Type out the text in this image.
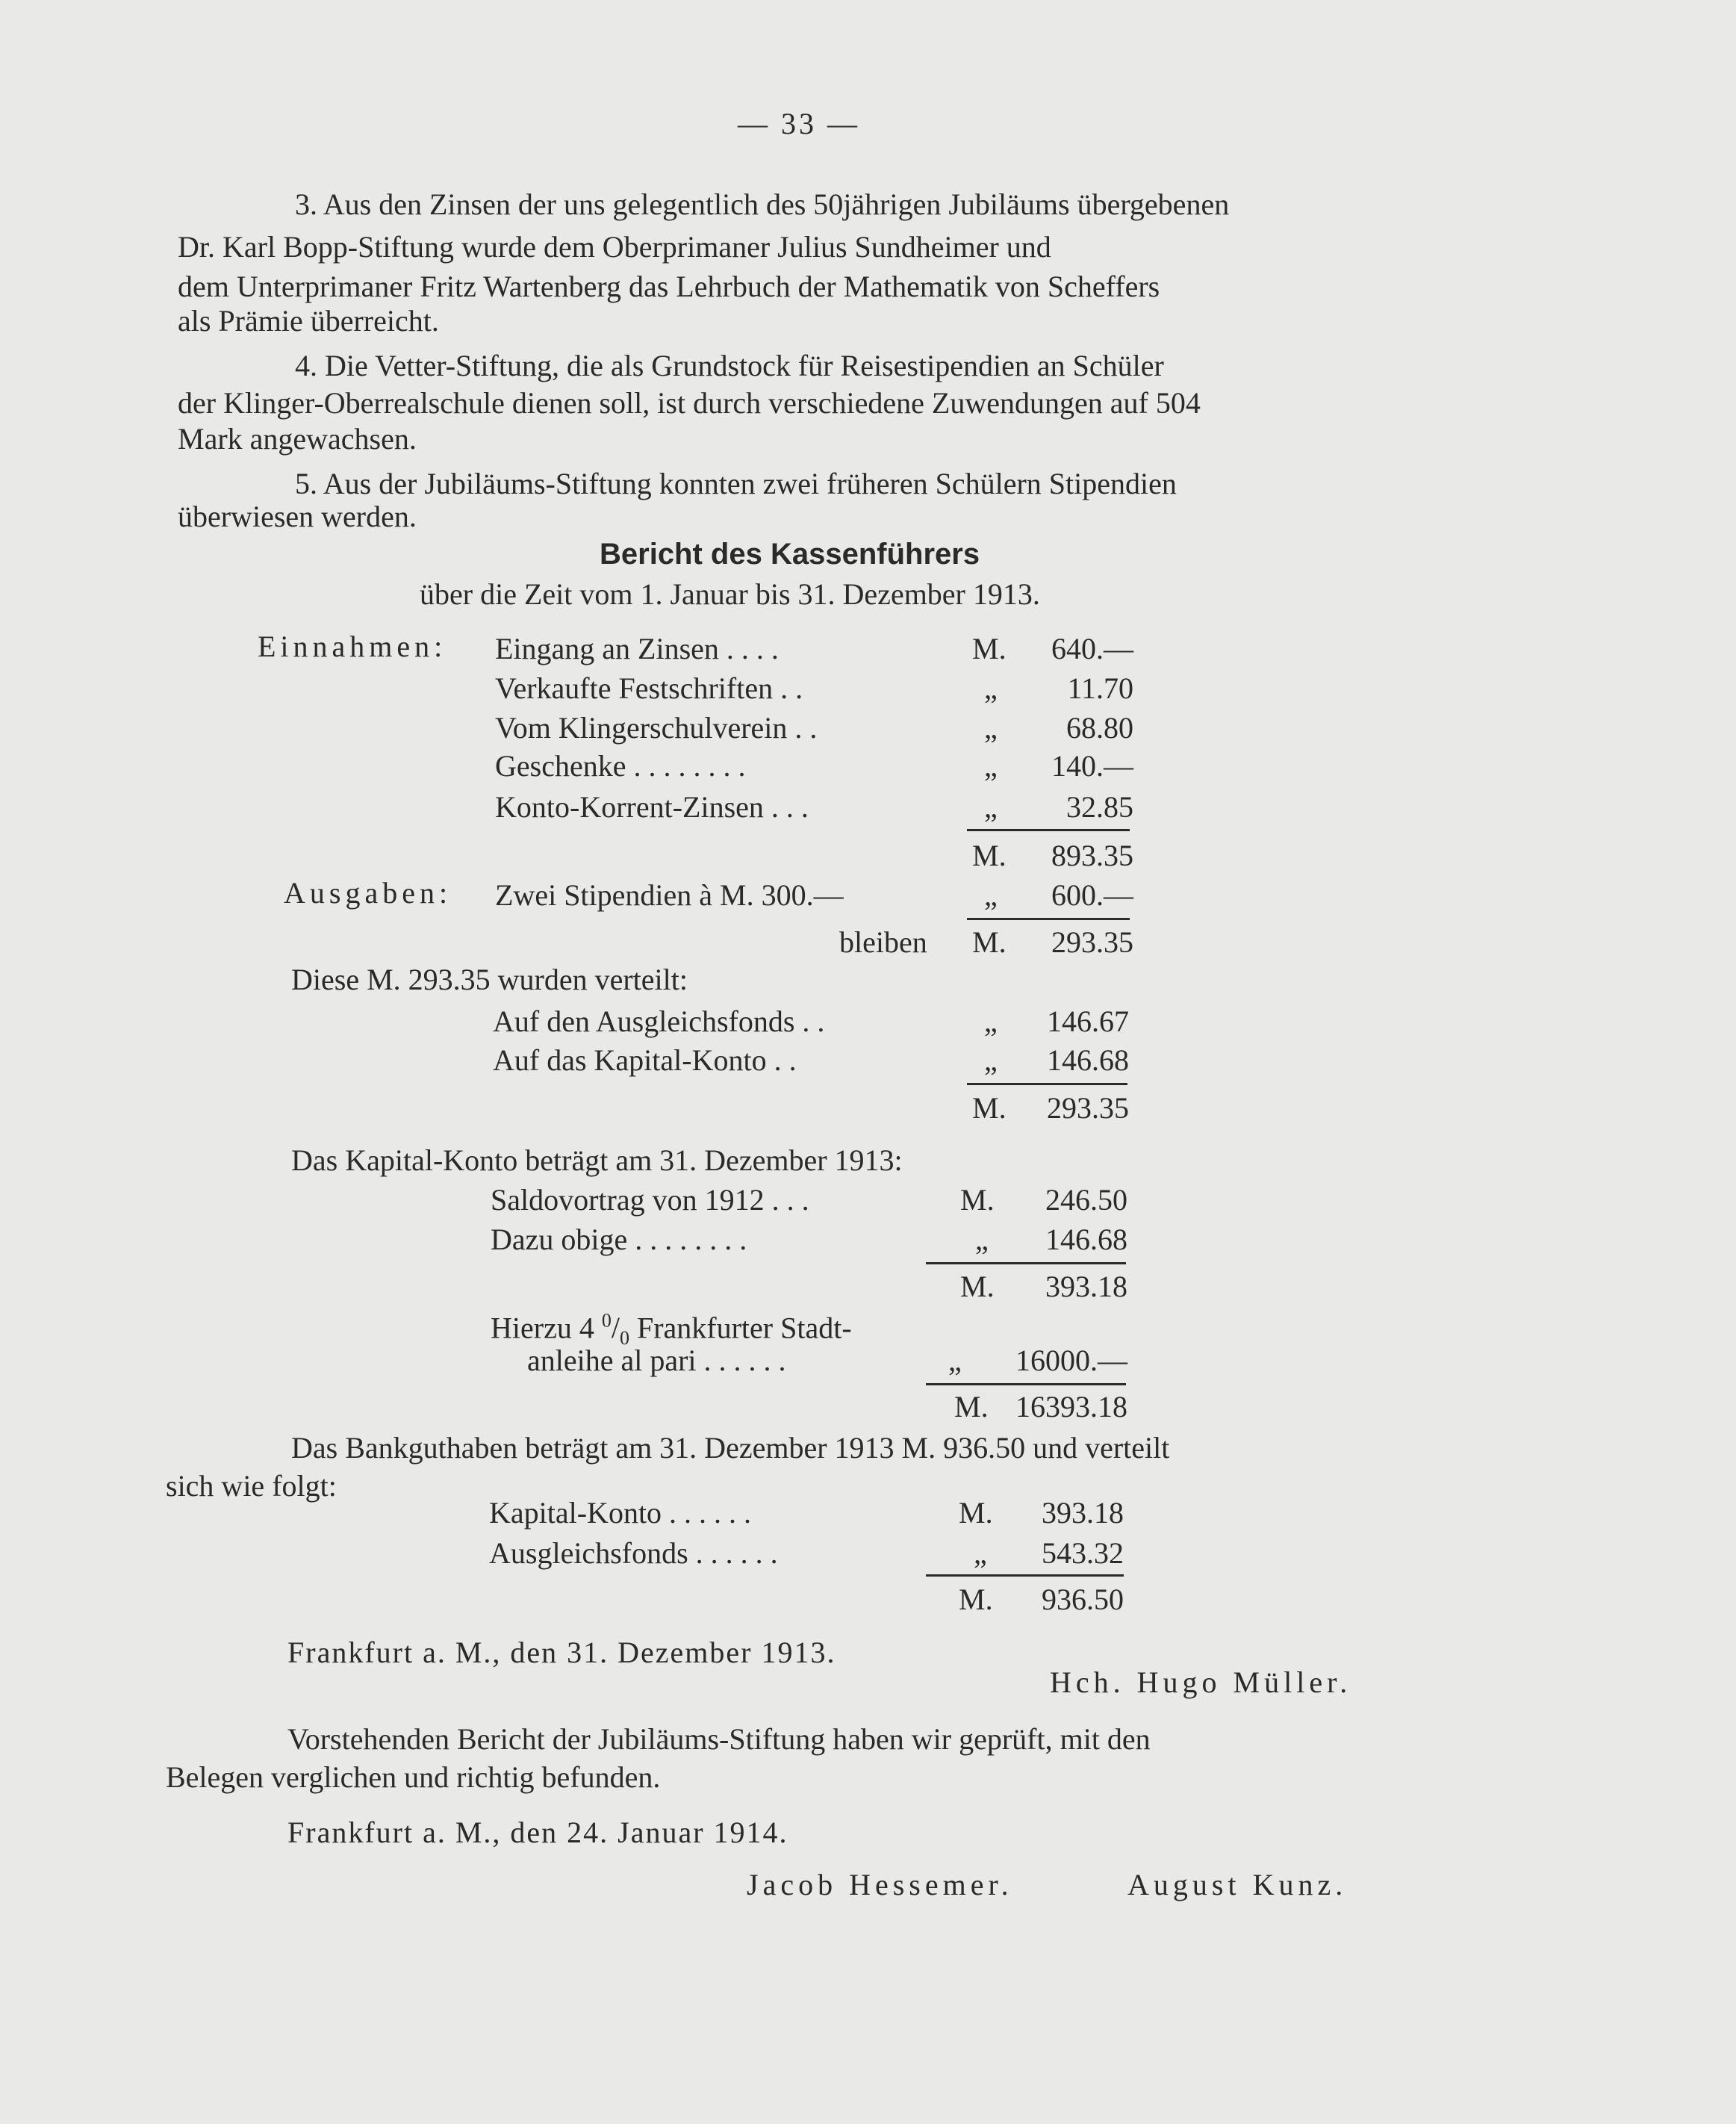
— 33 —
3. Aus den Zinsen der uns gelegentlich des 50jährigen Jubiläums übergebenen
Dr. Karl Bopp-Stiftung wurde dem Oberprimaner Julius Sundheimer und
dem Unterprimaner Fritz Wartenberg das Lehrbuch der Mathematik von Scheffers
als Prämie überreicht.
4. Die Vetter-Stiftung, die als Grundstock für Reisestipendien an Schüler
der Klinger-Oberrealschule dienen soll, ist durch verschiedene Zuwendungen auf 504
Mark angewachsen.
5. Aus der Jubiläums-Stiftung konnten zwei früheren Schülern Stipendien
überwiesen werden.
Bericht des Kassenführers
über die Zeit vom 1. Januar bis 31. Dezember 1913.
Einnahmen: Eingang an Zinsen . . . .	M.	640.—
Verkaufte Festschriften . .	„	11.70
Vom Klingerschulverein . .	„	68.80
Geschenke . . . . . . . .	„	140.—
Konto-Korrent-Zinsen . . .	„	32.85
M.	893.35
Ausgaben: Zwei Stipendien à M. 300.—	„	600.—
bleiben M.	293.35
Diese M. 293.35 wurden verteilt:
Auf den Ausgleichsfonds . .	„	146.67
Auf das Kapital-Konto . .	„	146.68
M.	293.35
Das Kapital-Konto beträgt am 31. Dezember 1913:
Saldovortrag von 1912 . . .	M.	246.50
Dazu obige . . . . . . . .	„	146.68
M.	393.18
Hierzu 4 $^0/_0$ Frankfurter Stadt-
anleihe al pari . . . . . .	„	16000.—
M. 16393.18
Das Bankguthaben beträgt am 31. Dezember 1913 M. 936.50 und verteilt
sich wie folgt:
Kapital-Konto . . . . . .	M.	393.18
Ausgleichsfonds . . . . . .	„	543.32
M.	936.50
Frankfurt a. M., den 31. Dezember 1913.
Hch. Hugo Müller.
Vorstehenden Bericht der Jubiläums-Stiftung haben wir geprüft, mit den
Belegen verglichen und richtig befunden.
Frankfurt a. M., den 24. Januar 1914.
Jacob Hessemer.	August Kunz.
